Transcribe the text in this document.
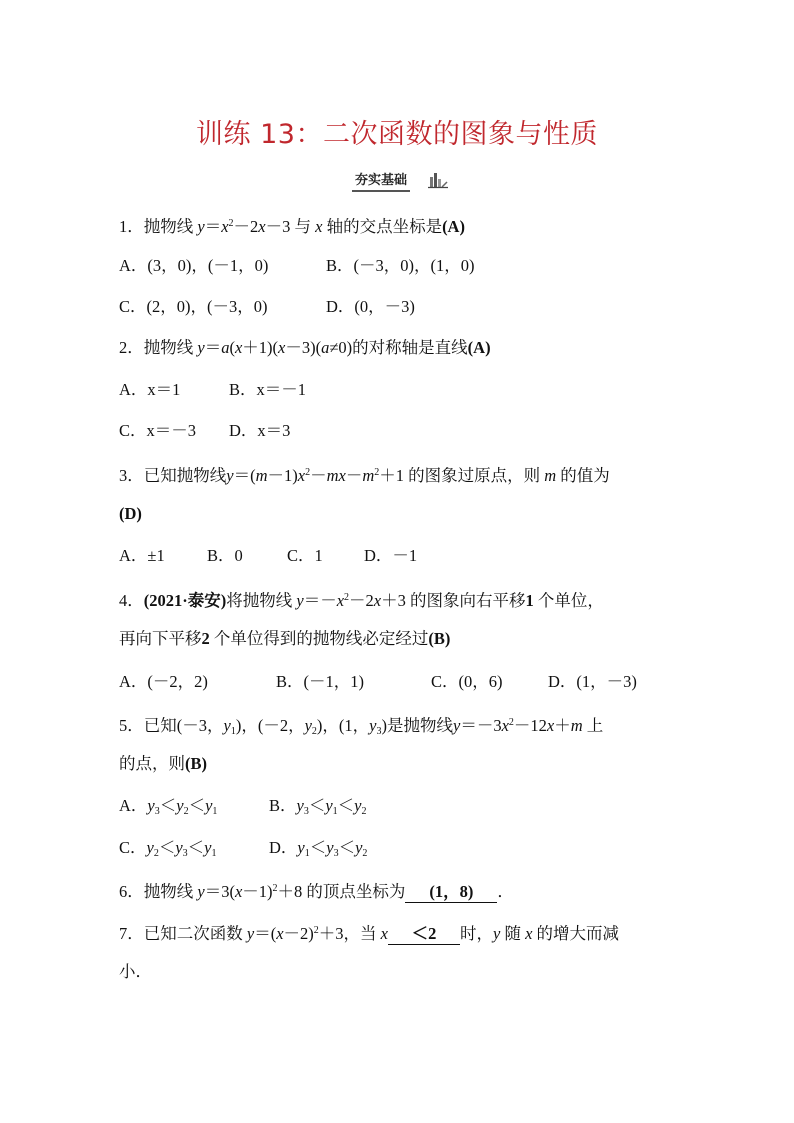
训练 13：二次函数的图象与性质
夯实基础
1．抛物线 $y=x^2-2x-3$ 与 x 轴的交点坐标是(A)
A．(3，0)，(－1，0)	B．(－3，0)，(1，0)
C．(2，0)，(－3，0)	D．(0，－3)
2．抛物线 y＝a(x＋1)(x－3)(a≠0)的对称轴是直线(A)
A．x＝1	B．x＝－1
C．x＝－3 D．x＝3
3．已知抛物线$y=(m-1)x^2-mx-m^2+1$ 的图象过原点，则 m 的值为
(D)
A．±1	B．0	C．1 D．－1
4．(2021·泰安)将抛物线 $y=-x^2-2x+3$ 的图象向右平移1 个单位，
再向下平移2 个单位得到的抛物线必定经过(B)
A．(－2，2)	B．(－1，1)	C．(0，6)	D．(1，－3)
5．已知(－3，$y_1$)，(－2，$y_2$)，(1，$y_3$)是抛物线$y=-3x^2-12x+m$ 上
的点，则(B)
A．$y_3<y_2<y_1$	B．$y_3<y_1<y_2$
C．$y_2<y_3<y_1$	D．$y_1<y_3<y_2$
6．抛物线 $y=3(x-1)^2+8$ 的顶点坐标为 (1，8) ．
7．已知二次函数 $y=(x-2)^2+3$，当 x ＜2 时，y 随 x 的增大而减
小．
